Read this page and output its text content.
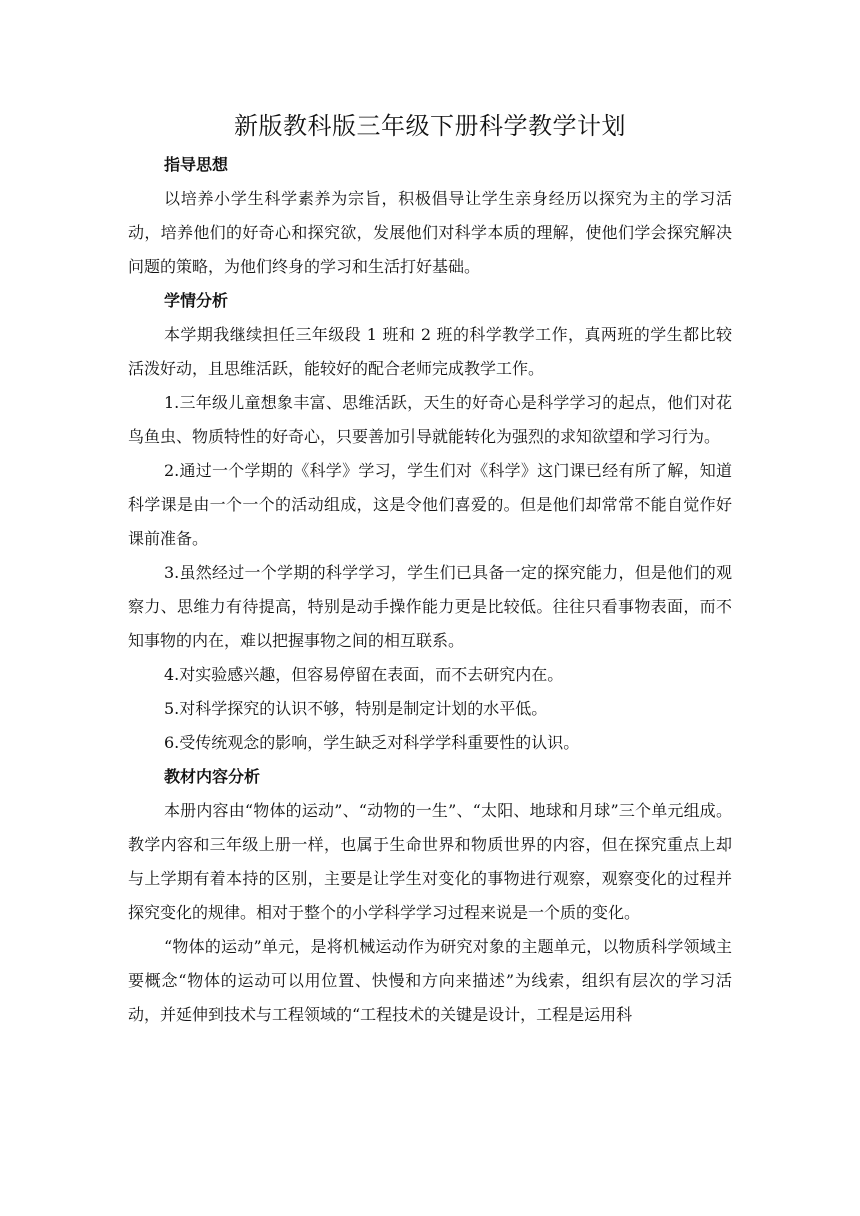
新版教科版三年级下册科学教学计划
指导思想

以培养小学生科学素养为宗旨，积极倡导让学生亲身经历以探究为主的学习活动，培养他们的好奇心和探究欲，发展他们对科学本质的理解，使他们学会探究解决问题的策略，为他们终身的学习和生活打好基础。

学情分析

本学期我继续担任三年级段 1 班和 2 班的科学教学工作，真两班的学生都比较活泼好动，且思维活跃，能较好的配合老师完成教学工作。

1.三年级儿童想象丰富、思维活跃，天生的好奇心是科学学习的起点，他们对花鸟鱼虫、物质特性的好奇心，只要善加引导就能转化为强烈的求知欲望和学习行为。

2.通过一个学期的《科学》学习，学生们对《科学》这门课已经有所了解，知道科学课是由一个一个的活动组成，这是令他们喜爱的。但是他们却常常不能自觉作好课前准备。

3.虽然经过一个学期的科学学习，学生们已具备一定的探究能力，但是他们的观察力、思维力有待提高，特别是动手操作能力更是比较低。往往只看事物表面，而不知事物的内在，难以把握事物之间的相互联系。

4.对实验感兴趣，但容易停留在表面，而不去研究内在。

5.对科学探究的认识不够，特别是制定计划的水平低。

6.受传统观念的影响，学生缺乏对科学学科重要性的认识。

教材内容分析

本册内容由“物体的运动”、“动物的一生”、“太阳、地球和月球”三个单元组成。教学内容和三年级上册一样，也属于生命世界和物质世界的内容，但在探究重点上却与上学期有着本持的区别，主要是让学生对变化的事物进行观察，观察变化的过程并探究变化的规律。相对于整个的小学科学学习过程来说是一个质的变化。

“物体的运动”单元，是将机械运动作为研究对象的主题单元，以物质科学领域主要概念“物体的运动可以用位置、快慢和方向来描述”为线索，组织有层次的学习活动，并延伸到技术与工程领域的“工程技术的关键是设计，工程是运用科
